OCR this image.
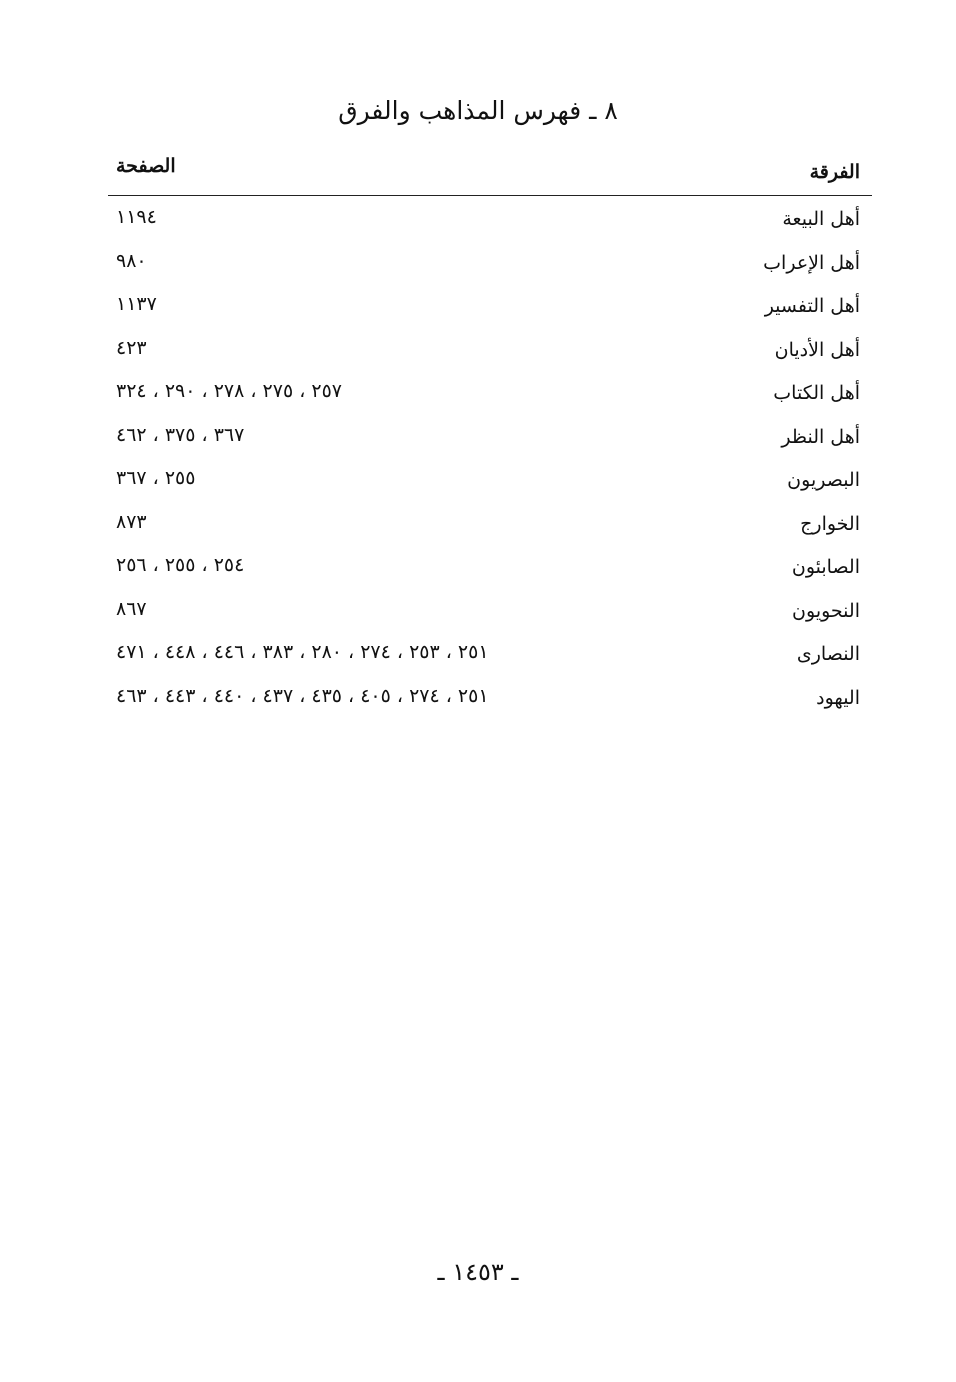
٨ ـ فهرس المذاهب والفرق
الفرقة
الصفحة
أهل البيعة
١١٩٤
أهل الإعراب
٩٨٠
أهل التفسير
١١٣٧
أهل الأديان
٤٢٣
أهل الكتاب
٢٥٧ ، ٢٧٥ ، ٢٧٨ ، ٢٩٠ ، ٣٢٤
أهل النظر
٣٦٧ ، ٣٧٥ ، ٤٦٢
البصريون
٢٥٥ ، ٣٦٧
الخوارج
٨٧٣
الصابئون
٢٥٤ ، ٢٥٥ ، ٢٥٦
النحويون
٨٦٧
النصارى
٢٥١ ، ٢٥٣ ، ٢٧٤ ، ٢٨٠ ، ٣٨٣ ، ٤٤٦ ، ٤٤٨ ، ٤٧١
اليهود
٢٥١ ، ٢٧٤ ، ٤٠٥ ، ٤٣٥ ، ٤٣٧ ، ٤٤٠ ، ٤٤٣ ، ٤٦٣
ـ ١٤٥٣ ـ
